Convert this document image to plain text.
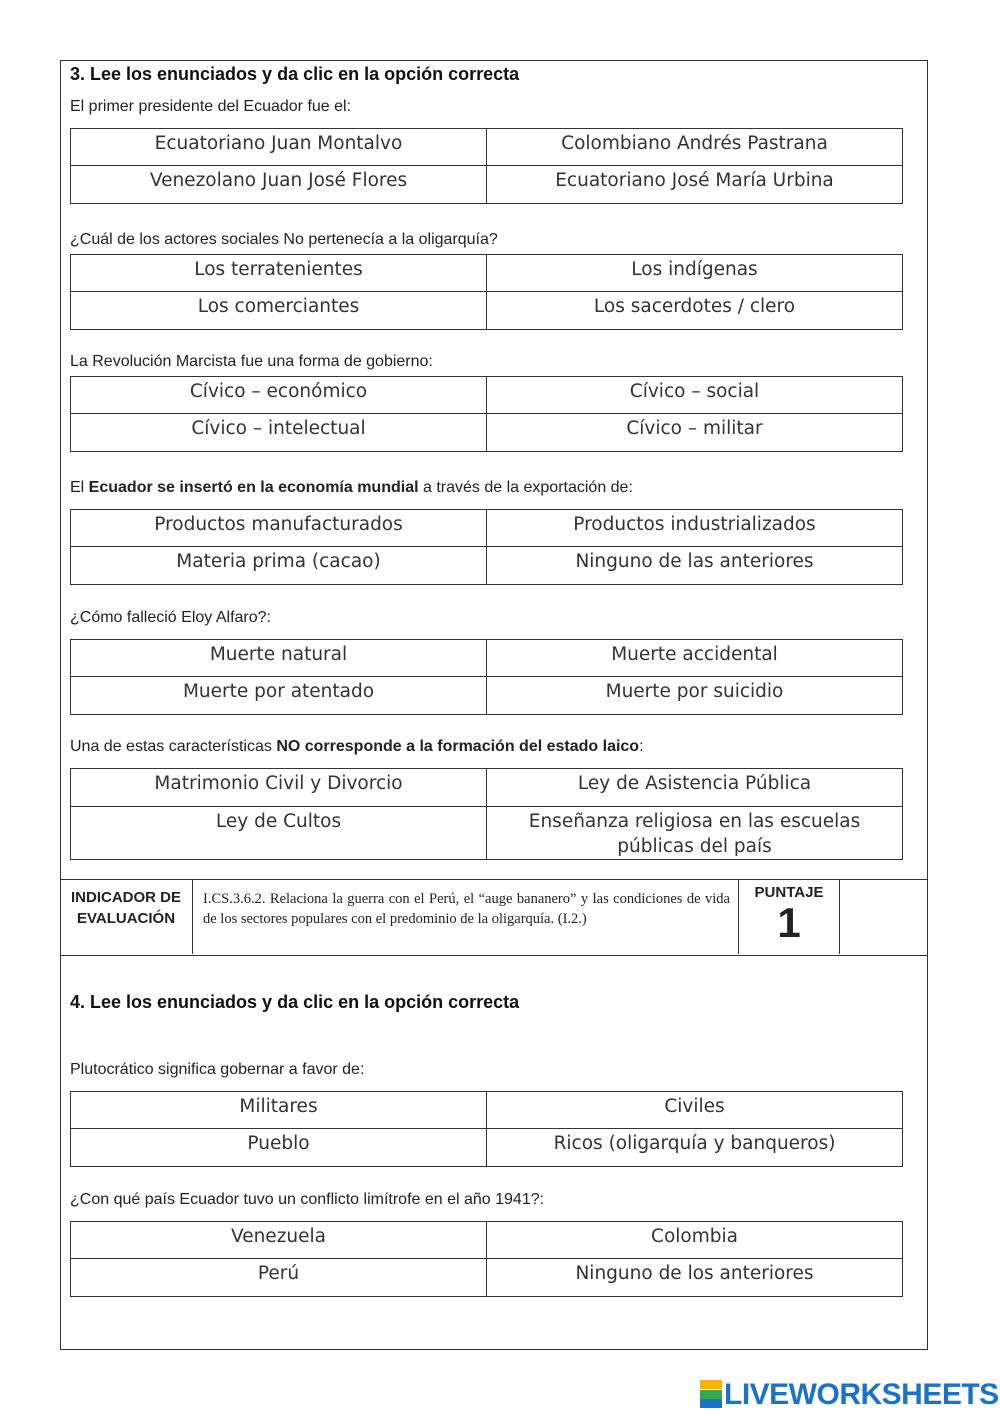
3. Lee los enunciados y da clic en la opción correcta
El primer presidente del Ecuador fue el:
Ecuatoriano Juan Montalvo	Colombiano Andrés Pastrana
Venezolano Juan José Flores	Ecuatoriano José María Urbina
¿Cuál de los actores sociales No pertenecía a la oligarquía?
Los terratenientes	Los indígenas
Los comerciantes	Los sacerdotes / clero
La Revolución Marcista fue una forma de gobierno:
Cívico – económico	Cívico – social
Cívico – intelectual	Cívico – militar
El Ecuador se insertó en la economía mundial a través de la exportación de:
Productos manufacturados	Productos industrializados
Materia prima (cacao)	Ninguno de las anteriores
¿Cómo falleció Eloy Alfaro?:
Muerte natural	Muerte accidental
Muerte por atentado	Muerte por suicidio
Una de estas características NO corresponde a la formación del estado laico:
Matrimonio Civil y Divorcio	Ley de Asistencia Pública
Ley de Cultos	Enseñanza religiosa en las escuelas públicas del país
INDICADOR DE
EVALUACIÓN
I.CS.3.6.2. Relaciona la guerra con el Perú, el “auge bananero” y las condiciones de vida de los sectores populares con el predominio de la oligarquía. (I.2.)
PUNTAJE
1
4. Lee los enunciados y da clic en la opción correcta
Plutocrático significa gobernar a favor de:
Militares	Civiles
Pueblo	Ricos (oligarquía y banqueros)
¿Con qué país Ecuador tuvo un conflicto limítrofe en el año 1941?:
Venezuela	Colombia
Perú	Ninguno de los anteriores
LIVEWORKSHEETS
